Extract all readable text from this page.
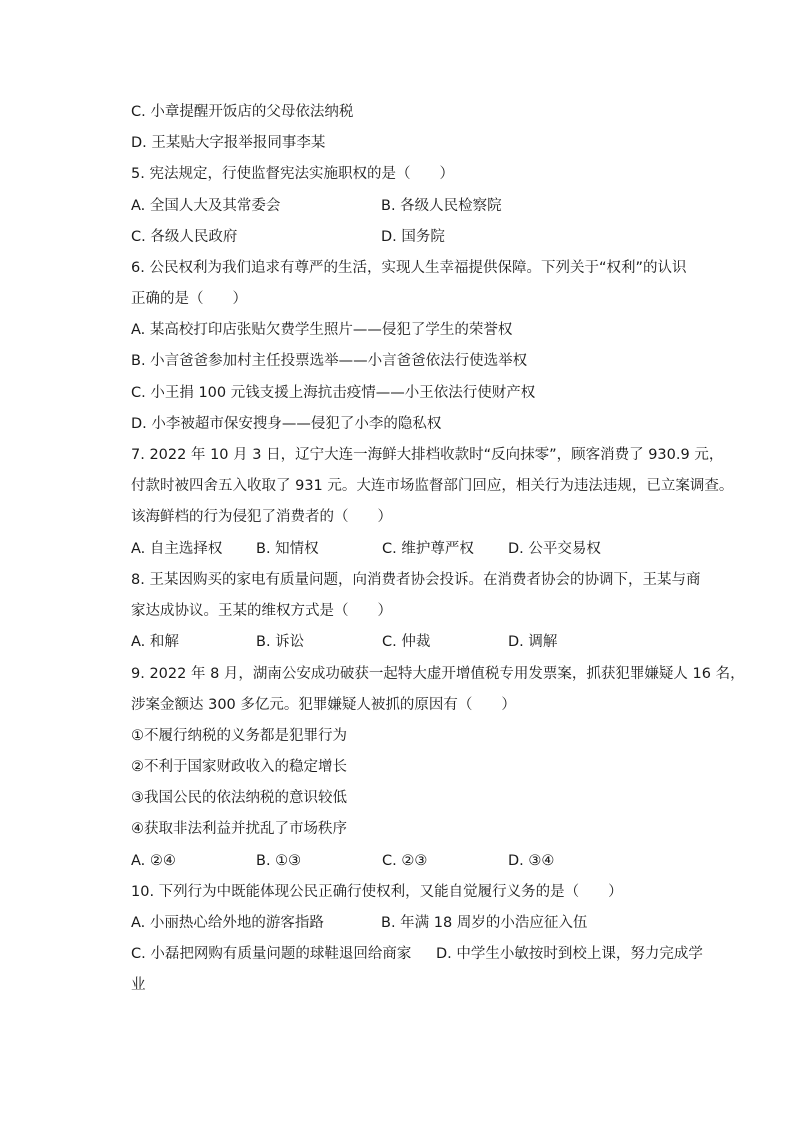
C. 小章提醒开饭店的父母依法纳税
D. 王某贴大字报举报同事李某
5. 宪法规定，行使监督宪法实施职权的是（　　）
A. 全国人大及其常委会	B. 各级人民检察院
C. 各级人民政府	D. 国务院
6. 公民权利为我们追求有尊严的生活，实现人生幸福提供保障。下列关于“权利”的认识
正确的是（　　）
A. 某高校打印店张贴欠费学生照片——侵犯了学生的荣誉权
B. 小言爸爸参加村主任投票选举——小言爸爸依法行使选举权
C. 小王捐 100 元钱支援上海抗击疫情——小王依法行使财产权
D. 小李被超市保安搜身——侵犯了小李的隐私权
7. 2022 年 10 月 3 日，辽宁大连一海鲜大排档收款时“反向抹零”，顾客消费了 930.9 元，
付款时被四舍五入收取了 931 元。大连市场监督部门回应，相关行为违法违规，已立案调查。
该海鲜档的行为侵犯了消费者的（　　）
A. 自主选择权 B. 知情权	C. 维护尊严权 D. 公平交易权
8. 王某因购买的家电有质量问题，向消费者协会投诉。在消费者协会的协调下，王某与商
家达成协议。王某的维权方式是（　　）
A. 和解	B. 诉讼	C. 仲裁	D. 调解
9. 2022 年 8 月，湖南公安成功破获一起特大虚开增值税专用发票案，抓获犯罪嫌疑人 16 名，
涉案金额达 300 多亿元。犯罪嫌疑人被抓的原因有（　　）
①不履行纳税的义务都是犯罪行为
②不利于国家财政收入的稳定增长
③我国公民的依法纳税的意识较低
④获取非法利益并扰乱了市场秩序
A. ②④	B. ①③	C. ②③	D. ③④
10. 下列行为中既能体现公民正确行使权利，又能自觉履行义务的是（　　）
A. 小丽热心给外地的游客指路	B. 年满 18 周岁的小浩应征入伍
C. 小磊把网购有质量问题的球鞋退回给商家 D. 中学生小敏按时到校上课，努力完成学
业
